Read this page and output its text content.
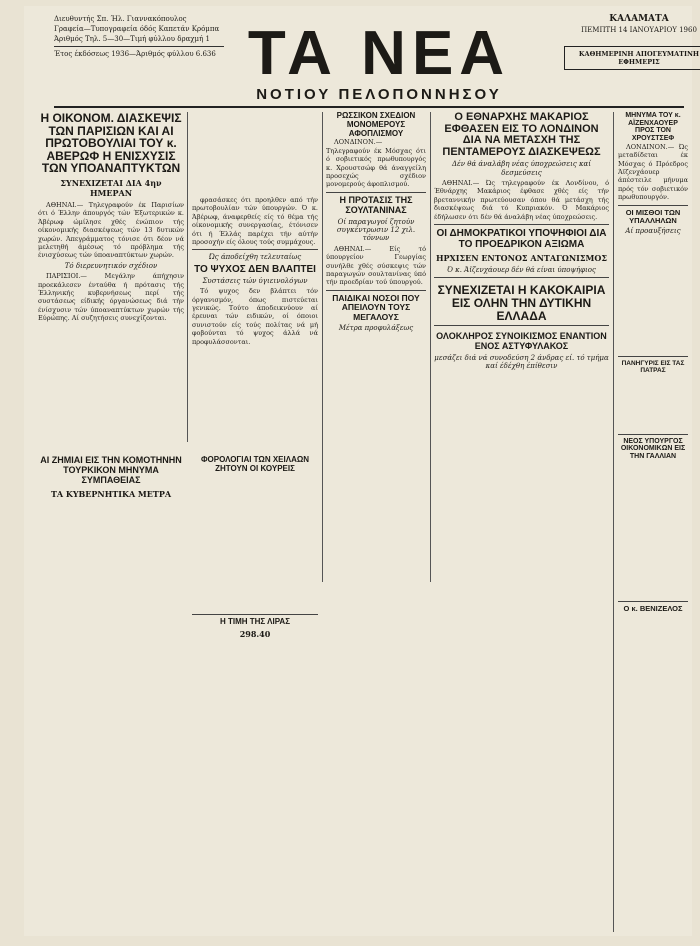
Διευθυντής Σπ. Ήλ. Γιαννακόπουλος
Γραφεία—Τυπογραφεία όδός Καπετάν Κρόμπα
Άριθμός Τηλ. 5—30—Τιμή φύλλου δραχμή 1
Έτος έκδόσεως 1936—Άριθμός φύλλου 6.636 ΤΑ ΝΕΑ
ΝΟΤΙΟΥ ΠΕΛΟΠΟΝΝΗΣΟΥ
ΚΑΛΑΜΑΤΑ
ΠΕΜΠΤΗ 14 ΙΑΝΟΥΑΡΙΟΥ 1960
ΚΑΘΗΜΕΡΙΝΗ ΑΠΟΓΕΥΜΑΤΙΝΗ ΕΦΗΜΕΡΙΣ
Η ΟΙΚΟΝΟΜ. ΔΙΑΣΚΕΨΙΣ ΤΩΝ ΠΑΡΙΣΙΩΝ ΚΑΙ ΑΙ ΠΡΩΤΟΒΟΥΛΙΑΙ ΤΟΥ κ. ΑΒΕΡΩΦ Η ΕΝΙΣΧΥΣΙΣ ΤΩΝ ΥΠΟΑΝΑΠΤΥΚΤΩΝ
ΣΥΝΕΧΙΖΕΤΑΙ ΔΙΑ 4ην ΗΜΕΡΑΝ

ΑΘΗΝΑΙ.— Τηλεγραφούν έκ Παρισίων ότι ό Έλλην άπουργός τών Έξωτερικών κ. Άβέρωφ ώμίλησε χθές ένώπιον τής οίκονομικής διασκέψεως τών 13 δυτικών χωρών. Άπεγράμματος τόνισε ότι δέον νά μελετηθή άμέσως τό πρόβλημα τής ένισχύσεως τών ύποαναπτύκτων χωρών.

Τό διερευνητικόν σχέδιον

ΠΑΡΙΣΙΟΙ.— Μεγάλην άπήχησιν προεκάλεσεν ένταύθα ή πρότασις τής Έλληνικής κυβερνήσεως περί τής συστάσεως είδικής όργανώσεως διά τήν ένίσχυσιν τών ύποαναπτύκτων χωρών τής Εύρώπης. Αί συζητήσεις συνεχίζονται.

φρασάσκες ότι προηλθεν από τήν πρωτοβουλίαν τών ύπουργών. Ό κ. Άβέρωφ, άναφερθείς είς τό θέμα τής οίκονομικής συνεργασίας, έτόνισεν ότι ή Έλλάς παρέχει τήν αύτήν προσοχήν είς όλους τούς συμμάχους.

Ώς άποδείχθη τελευταίως
ΤΟ ΨΥΧΟΣ ΔΕΝ ΒΛΑΠΤΕΙ
Συστάσεις τών ύγιεινολόγων

Τό ψυχος δεν βλάπτει τόν όργανισμόν, όπως πιστεύεται γενικώς. Τούτο άποδεικνύουν αί έρευναι τών ειδικών, οί όποιοι συνιστούν είς τούς πολίτας νά μή φοβούνται τό ψυχος άλλά νά προφυλάσσονται.

ΡΩΣΣΙΚΟΝ ΣΧΕΔΙΟΝ ΜΟΝΟΜΕΡΟΥΣ ΑΦΟΠΛΙΣΜΟΥ

ΛΟΝΔΙΝΟΝ.— Τηλεγραφούν έκ Μόσχας ότι ό σοβιετικός πρωθυπουργός κ. Χρουστσώφ θά άναγγείλη προσεχώς σχέδιον μονομερούς άφοπλισμού.

Η ΠΡΟΤΑΣΙΣ ΤΗΣ ΣΟΥΛΤΑΝΙΝΑΣ
Οί παραγωγοί ζητούν συγκέντρωσιν 12 χιλ. τόννων

ΑΘΗΝΑΙ.— Είς τό ύπουργείον Γεωργίας συνήλθε χθές σύσκεψις τών παραγωγών σουλτανίνας ύπό τήν προεδρίαν τού ύπουργού.

ΠΑΙΔΙΚΑΙ ΝΟΣΟΙ ΠΟΥ ΑΠΕΙΛΟΥΝ ΤΟΥΣ ΜΕΓΑΛΟΥΣ
Μέτρα προφυλάξεως
Ο ΕΘΝΑΡΧΗΣ ΜΑΚΑΡΙΟΣ ΕΦΘΑΣΕΝ ΕΙΣ ΤΟ ΛΟΝΔΙΝΟΝ ΔΙΑ ΝΑ ΜΕΤΑΣΧΗ ΤΗΣ ΠΕΝΤΑΜΕΡΟΥΣ ΔΙΑΣΚΕΨΕΩΣ
Δέν θά άναλάβη νέας ύποχρεώσεις καί δεσμεύσεις

ΑΘΗΝΑΙ.— Ώς τηλεγραφούν έκ Λονδίνου, ό Έθνάρχης Μακάριος έφθασε χθές είς τήν βρεταννικήν πρωτεύουσαν όπου θά μετάσχη τής διασκέψεως διά τό Κυπριακόν. Ό Μακάριος έδήλωσεν ότι δέν θά άναλάβη νέας ύποχρεώσεις.

ΟΙ ΔΗΜΟΚΡΑΤΙΚΟΙ ΥΠΟΨΗΦΙΟΙ ΔΙΑ ΤΟ ΠΡΟΕΔΡΙΚΟΝ ΑΞΙΩΜΑ
ΗΡΧΙΣΕΝ ΕΝΤΟΝΟΣ ΑΝΤΑΓΩΝΙΣΜΟΣ
Ό κ. Άϊζενχάουερ δέν θά είναι ύποψήφιος
ΣΥΝΕΧΙΖΕΤΑΙ Η ΚΑΚΟΚΑΙΡΙΑ ΕΙΣ ΟΛΗΝ ΤΗΝ ΔΥΤΙΚΗΝ ΕΛΛΑΔΑ
ΟΛΟΚΛΗΡΟΣ ΣΥΝΟΙΚΙΣΜΟΣ ΕΝΑΝΤΙΟΝ ΕΝΟΣ ΑΣΤΥΦΥΛΑΚΟΣ
μεσάζει διά νά συνοδεύση 2 άνδρας εί. τό τμήμα καί έδέχθη έπίθεσιν
ΜΗΝΥΜΑ ΤΟΥ κ. ΑΪΖΕΝΧΑΟΥΕΡ ΠΡΟΣ ΤΟΝ ΧΡΟΥΣΤΣΕΦ

ΛΟΝΔΙΝΟΝ.— Ώς μεταδίδεται έκ Μόσχας ό Πρόεδρος Άϊζενχάουερ άπέστειλε μήνυμα πρός τόν σοβιετικόν πρωθυπουργόν.

ΟΙ ΜΙΣΘΟΙ ΤΩΝ ΥΠΑΛΛΗΛΩΝ
Αί προαυξήσεις
ΠΑΝΗΓΥΡΙΣ ΕΙΣ ΤΑΣ ΠΑΤΡΑΣ
ΝΕΟΣ ΥΠΟΥΡΓΟΣ ΟΙΚΟΝΟΜΙΚΩΝ ΕΙΣ ΤΗΝ ΓΑΛΛΙΑΝ
Ο κ. ΒΕΝΙΖΕΛΟΣ
ΑΙ ΖΗΜΙΑΙ ΕΙΣ ΤΗΝ ΚΟΜΟΤΗΝΗΝ ΤΟΥΡΚΙΚΟΝ ΜΗΝΥΜΑ ΣΥΜΠΑΘΕΙΑΣ
ΤΑ ΚΥΒΕΡΝΗΤΙΚΑ ΜΕΤΡΑ
ΦΟΡΟΛΟΓΙΑΙ ΤΩΝ ΧΕΙΛΑΩΝ ΖΗΤΟΥΝ ΟΙ ΚΟΥΡΕΙΣ
Η ΤΙΜΗ ΤΗΣ ΛΙΡΑΣ
298.40
